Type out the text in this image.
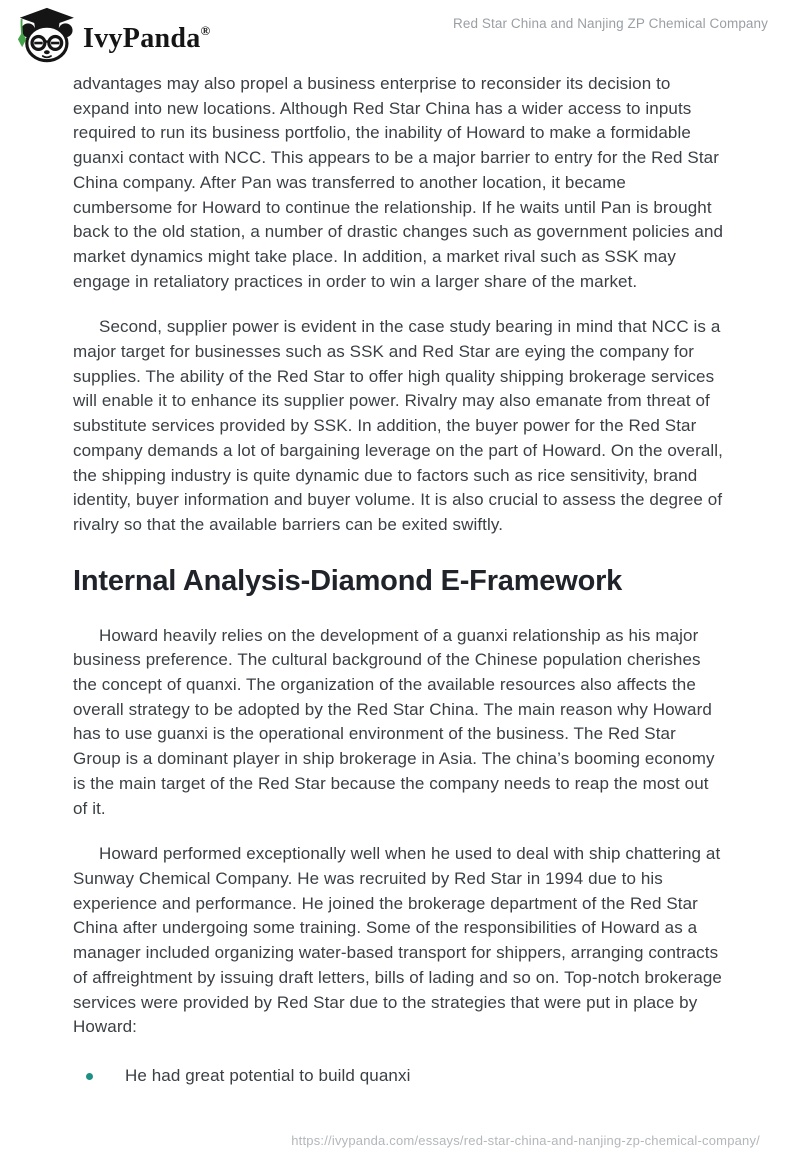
IvyPanda®	Red Star China and Nanjing ZP Chemical Company

advantages may also propel a business enterprise to reconsider its decision to expand into new locations. Although Red Star China has a wider access to inputs required to run its business portfolio, the inability of Howard to make a formidable guanxi contact with NCC. This appears to be a major barrier to entry for the Red Star China company. After Pan was transferred to another location, it became cumbersome for Howard to continue the relationship. If he waits until Pan is brought back to the old station, a number of drastic changes such as government policies and market dynamics might take place. In addition, a market rival such as SSK may engage in retaliatory practices in order to win a larger share of the market.

Second, supplier power is evident in the case study bearing in mind that NCC is a major target for businesses such as SSK and Red Star are eying the company for supplies. The ability of the Red Star to offer high quality shipping brokerage services will enable it to enhance its supplier power. Rivalry may also emanate from threat of substitute services provided by SSK. In addition, the buyer power for the Red Star company demands a lot of bargaining leverage on the part of Howard. On the overall, the shipping industry is quite dynamic due to factors such as rice sensitivity, brand identity, buyer information and buyer volume. It is also crucial to assess the degree of rivalry so that the available barriers can be exited swiftly.

Internal Analysis-Diamond E-Framework

Howard heavily relies on the development of a guanxi relationship as his major business preference. The cultural background of the Chinese population cherishes the concept of quanxi. The organization of the available resources also affects the overall strategy to be adopted by the Red Star China. The main reason why Howard has to use guanxi is the operational environment of the business. The Red Star Group is a dominant player in ship brokerage in Asia. The china’s booming economy is the main target of the Red Star because the company needs to reap the most out of it.

Howard performed exceptionally well when he used to deal with ship chattering at Sunway Chemical Company. He was recruited by Red Star in 1994 due to his experience and performance. He joined the brokerage department of the Red Star China after undergoing some training. Some of the responsibilities of Howard as a manager included organizing water-based transport for shippers, arranging contracts of affreightment by issuing draft letters, bills of lading and so on. Top-notch brokerage services were provided by Red Star due to the strategies that were put in place by Howard:

He had great potential to build quanxi
https://ivypanda.com/essays/red-star-china-and-nanjing-zp-chemical-company/
